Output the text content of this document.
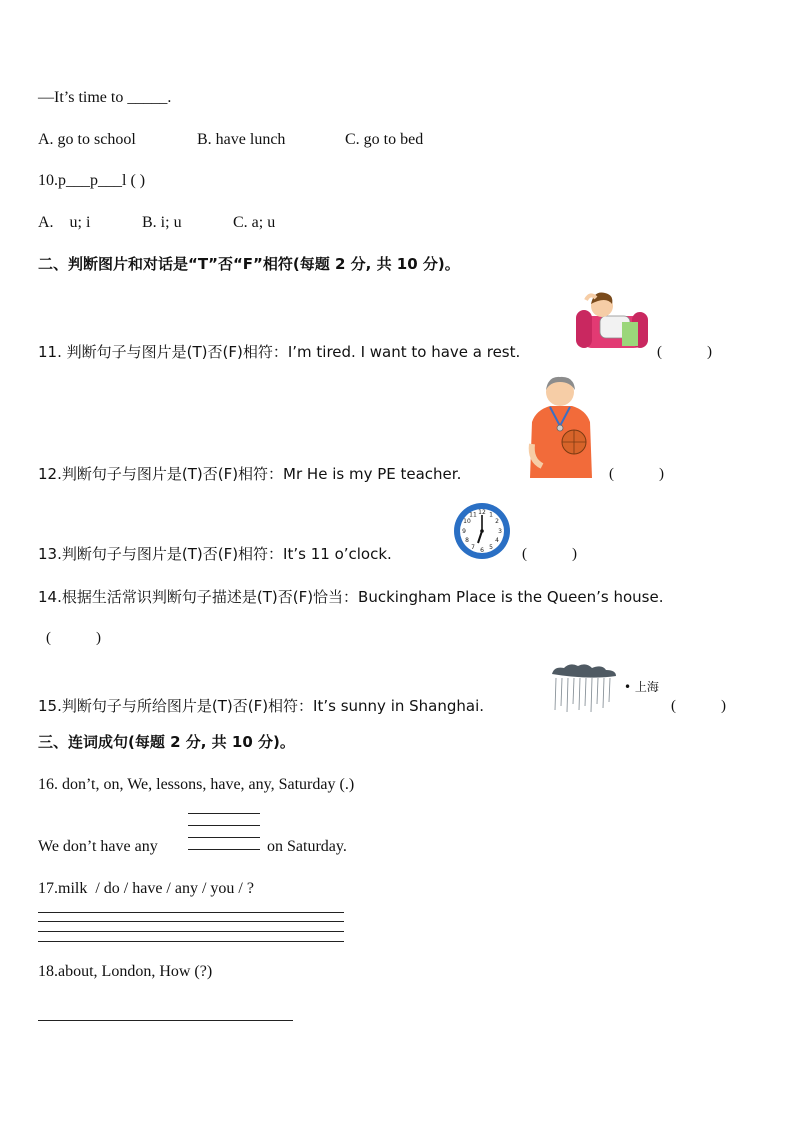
—It’s time to _____.
A. go to school	B. have lunch	C. go to bed
10.p___p___l ( )
A.    u; i	B. i; u	C. a; u
二、判断图片和对话是“T”否“F”相符(每题 2 分, 共 10 分)。
11. 判断句子与图片是(T)否(F)相符：I’m tired. I want to have a rest.	(            )
12.判断句子与图片是(T)否(F)相符：Mr He is my PE teacher.	(            )
13.判断句子与图片是(T)否(F)相符：It’s 11 o’clock.
12 1
2
3
4
5
6
7
8
9
10
11
(            )
14.根据生活常识判断句子描述是(T)否(F)恰当：Buckingham Place is the Queen’s house.
(            )
15.判断句子与所给图片是(T)否(F)相符：It’s sunny in Shanghai.
• 上海
(            )
三、连词成句(每题 2 分, 共 10 分)。
16. don’t, on, We, lessons, have, any, Saturday (.)
We don’t have any	on Saturday.
17.milk  / do / have / any / you / ?
18.about, London, How (?)
